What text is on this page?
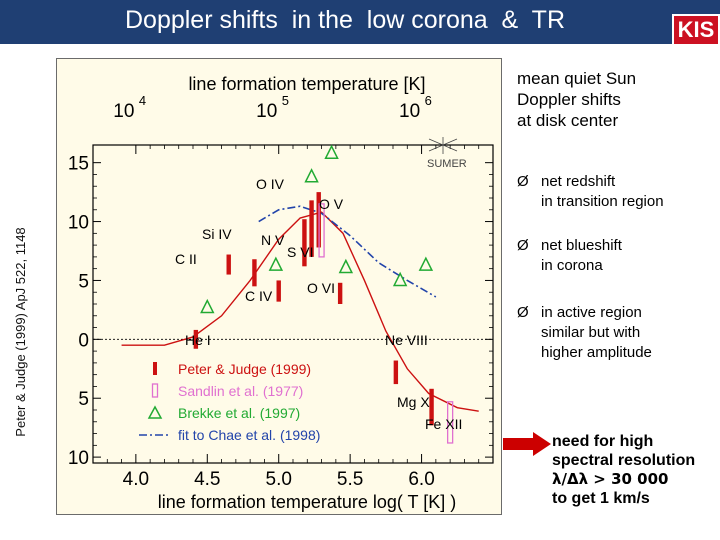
Doppler shifts  in the  low corona  &  TR	KIS
Peter & Judge (1999) ApJ 522, 1148
15
10
5
0
5
10
4.0 4.5 5.0 5.5 6.0
line formation temperature log( T [K] )
10
4
10
5
10
6
line formation temperature [K]
O IV
O V
Si IV N V
S VI
C II
O VI
C IV
He I	Ne VIII
Mg X
Fe XII
SUMER
Peter & Judge (1999)
Sandlin et al. (1977)
Brekke et al. (1997)
fit to Chae et al. (1998)
mean quiet Sun
Doppler shifts
at disk center
Ø net redshift
in transition region
Ø net blueshift
in corona
Ø in active region
similar but with
higher amplitude
need for high
spectral resolution
λ/Δλ > 30 000
to get 1 km/s
